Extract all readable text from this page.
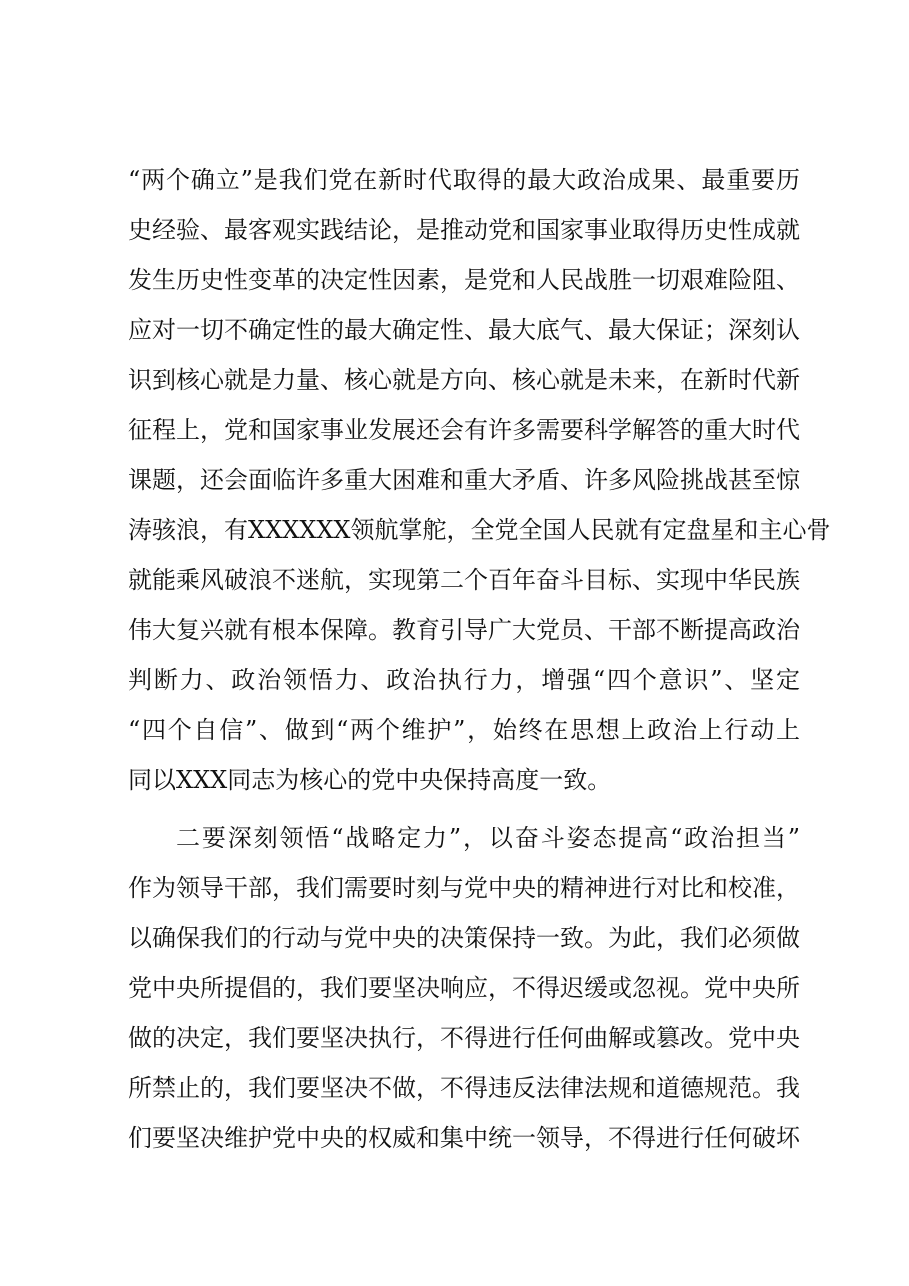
“两个确立”是我们党在新时代取得的最大政治成果、最重要历
史经验、最客观实践结论，是推动党和国家事业取得历史性成就
发生历史性变革的决定性因素，是党和人民战胜一切艰难险阻、
应对一切不确定性的最大确定性、最大底气、最大保证；深刻认
识到核心就是力量、核心就是方向、核心就是未来，在新时代新
征程上，党和国家事业发展还会有许多需要科学解答的重大时代
课题，还会面临许多重大困难和重大矛盾、许多风险挑战甚至惊
涛骇浪，有XXXXXX领航掌舵，全党全国人民就有定盘星和主心骨
就能乘风破浪不迷航，实现第二个百年奋斗目标、实现中华民族
伟大复兴就有根本保障。教育引导广大党员、干部不断提高政治
判断力、政治领悟力、政治执行力，增强“四个意识”、坚定
“四个自信”、做到“两个维护”，始终在思想上政治上行动上
同以XXX同志为核心的党中央保持高度一致。
二要深刻领悟“战略定力”，以奋斗姿态提高“政治担当”
作为领导干部，我们需要时刻与党中央的精神进行对比和校准，
以确保我们的行动与党中央的决策保持一致。为此，我们必须做
党中央所提倡的，我们要坚决响应，不得迟缓或忽视。党中央所
做的决定，我们要坚决执行，不得进行任何曲解或篡改。党中央
所禁止的，我们要坚决不做，不得违反法律法规和道德规范。我
们要坚决维护党中央的权威和集中统一领导，不得进行任何破坏
